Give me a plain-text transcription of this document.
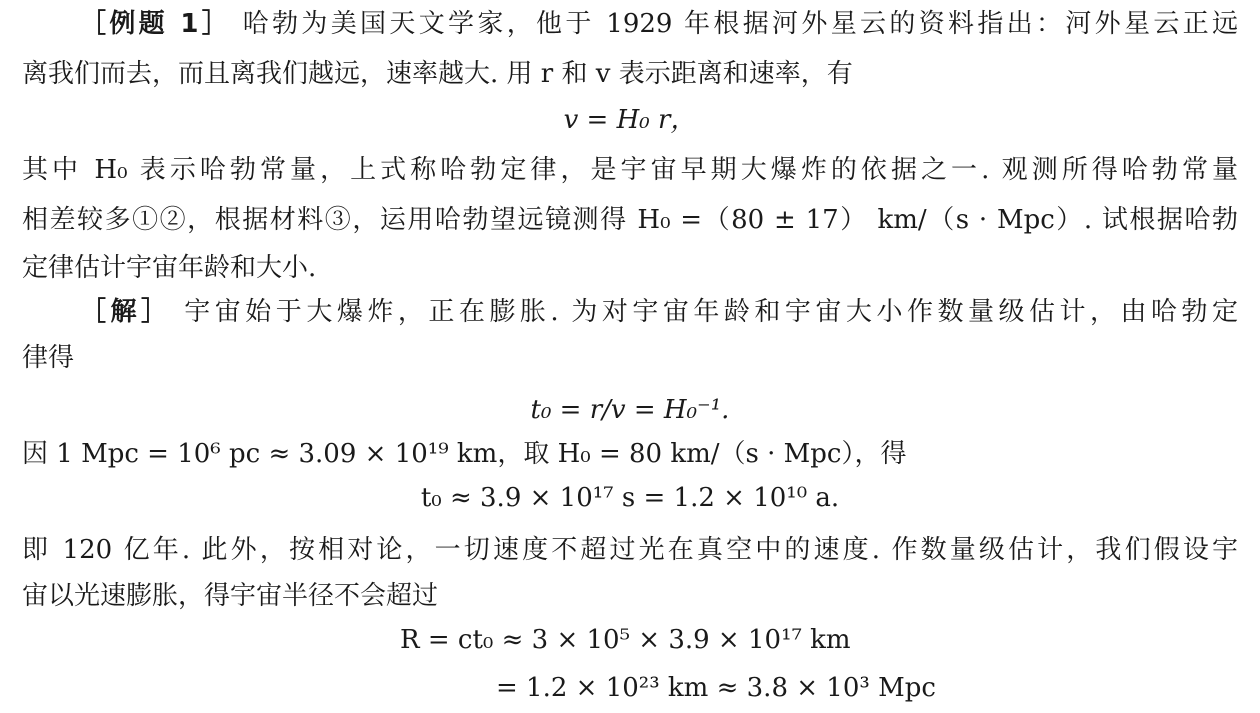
［例题 1］ 哈勃为美国天文学家，他于 1929 年根据河外星云的资料指出：河外星云正远
离我们而去，而且离我们越远，速率越大. 用 r 和 v 表示距离和速率，有
v = H₀ r，
其中 H₀ 表示哈勃常量，上式称哈勃定律，是宇宙早期大爆炸的依据之一. 观测所得哈勃常量
相差较多①②，根据材料③，运用哈勃望远镜测得 H₀ =（80 ± 17） km/（s · Mpc）. 试根据哈勃
定律估计宇宙年龄和大小.
［解］ 宇宙始于大爆炸，正在膨胀. 为对宇宙年龄和宇宙大小作数量级估计，由哈勃定
律得
t₀ = r/v = H₀⁻¹.
因 1 Mpc = 10⁶ pc ≈ 3.09 × 10¹⁹ km，取 H₀ = 80 km/（s · Mpc），得
t₀ ≈ 3.9 × 10¹⁷ s = 1.2 × 10¹⁰ a.
即 120 亿年. 此外，按相对论，一切速度不超过光在真空中的速度. 作数量级估计，我们假设宇
宙以光速膨胀，得宇宙半径不会超过
R = ct₀ ≈ 3 × 10⁵ × 3.9 × 10¹⁷ km
= 1.2 × 10²³ km ≈ 3.8 × 10³ Mpc
